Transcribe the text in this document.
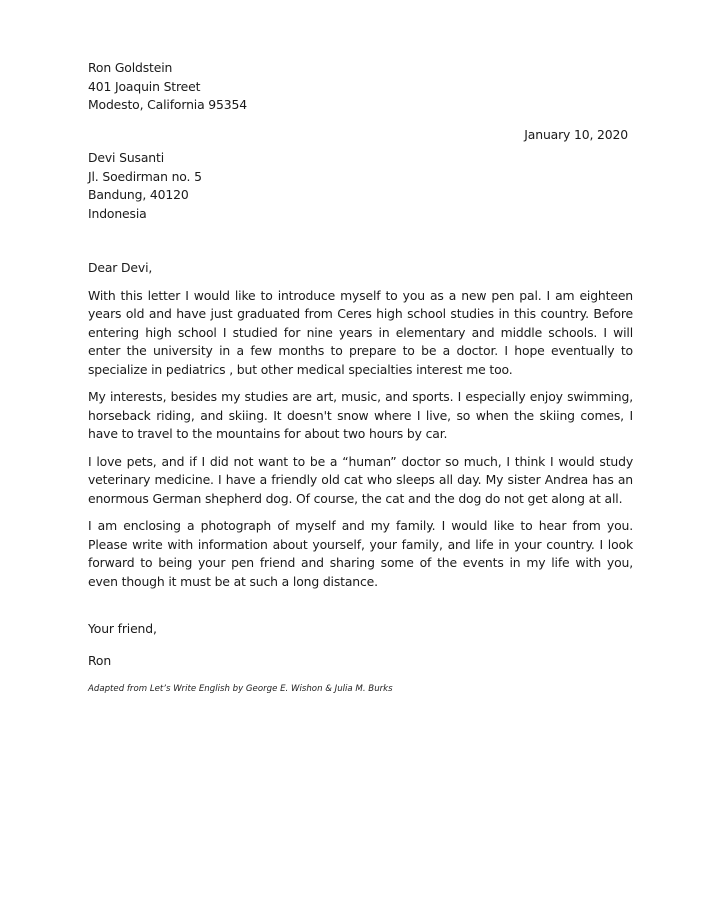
Ron Goldstein
401 Joaquin Street
Modesto, California 95354
January 10, 2020
Devi Susanti
Jl. Soedirman no. 5
Bandung, 40120
Indonesia
Dear Devi,

With this letter I would like to introduce myself to you as a new pen pal. I am eighteen years old and have just graduated from Ceres high school studies in this country. Before entering high school I studied for nine years in elementary and middle schools. I will enter the university in a few months to prepare to be a doctor. I hope eventually to specialize in pediatrics , but other medical specialties interest me too.

My interests, besides my studies are art, music, and sports. I especially enjoy swimming, horseback riding, and skiing. It doesn't snow where I live, so when the skiing comes, I have to travel to the mountains for about two hours by car.

I love pets, and if I did not want to be a “human” doctor so much, I think I would study veterinary medicine. I have a friendly old cat who sleeps all day. My sister Andrea has an enormous German shepherd dog. Of course, the cat and the dog do not get along at all.

I am enclosing a photograph of myself and my family. I would like to hear from you. Please write with information about yourself, your family, and life in your country. I look forward to being your pen friend and sharing some of the events in my life with you, even though it must be at such a long distance.

Your friend,
Ron
Adapted from Let’s Write English by George E. Wishon & Julia M. Burks
